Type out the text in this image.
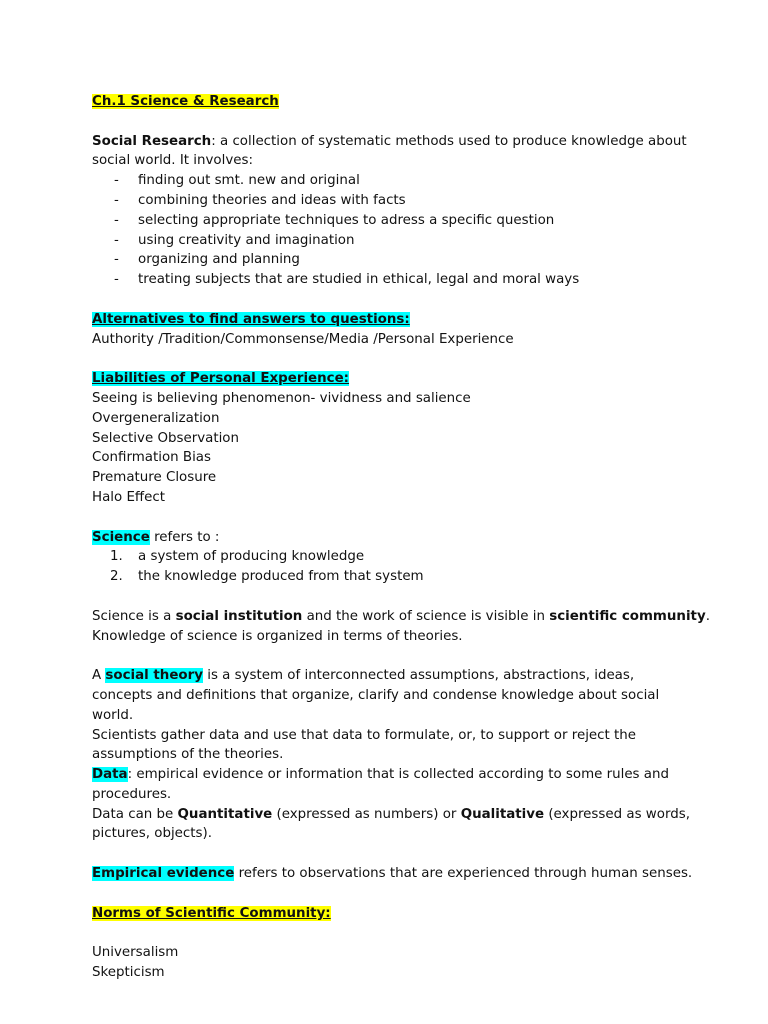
Ch.1 Science & Research
Social Research: a collection of systematic methods used to produce knowledge about
social world. It involves:
- finding out smt. new and original
- combining theories and ideas with facts
- selecting appropriate techniques to adress a specific question
- using creativity and imagination
- organizing and planning
- treating subjects that are studied in ethical, legal and moral ways
Alternatives to find answers to questions:
Authority /Tradition/Commonsense/Media /Personal Experience
Liabilities of Personal Experience:
Seeing is believing phenomenon- vividness and salience
Overgeneralization
Selective Observation
Confirmation Bias
Premature Closure
Halo Effect
Science refers to :
1. a system of producing knowledge
2. the knowledge produced from that system
Science is a social institution and the work of science is visible in scientific community.
Knowledge of science is organized in terms of theories.
A social theory is a system of interconnected assumptions, abstractions, ideas,
concepts and definitions that organize, clarify and condense knowledge about social
world.
Scientists gather data and use that data to formulate, or, to support or reject the
assumptions of the theories.
Data: empirical evidence or information that is collected according to some rules and
procedures.
Data can be Quantitative (expressed as numbers) or Qualitative (expressed as words,
pictures, objects).
Empirical evidence refers to observations that are experienced through human senses.
Norms of Scientific Community:
Universalism
Skepticism
